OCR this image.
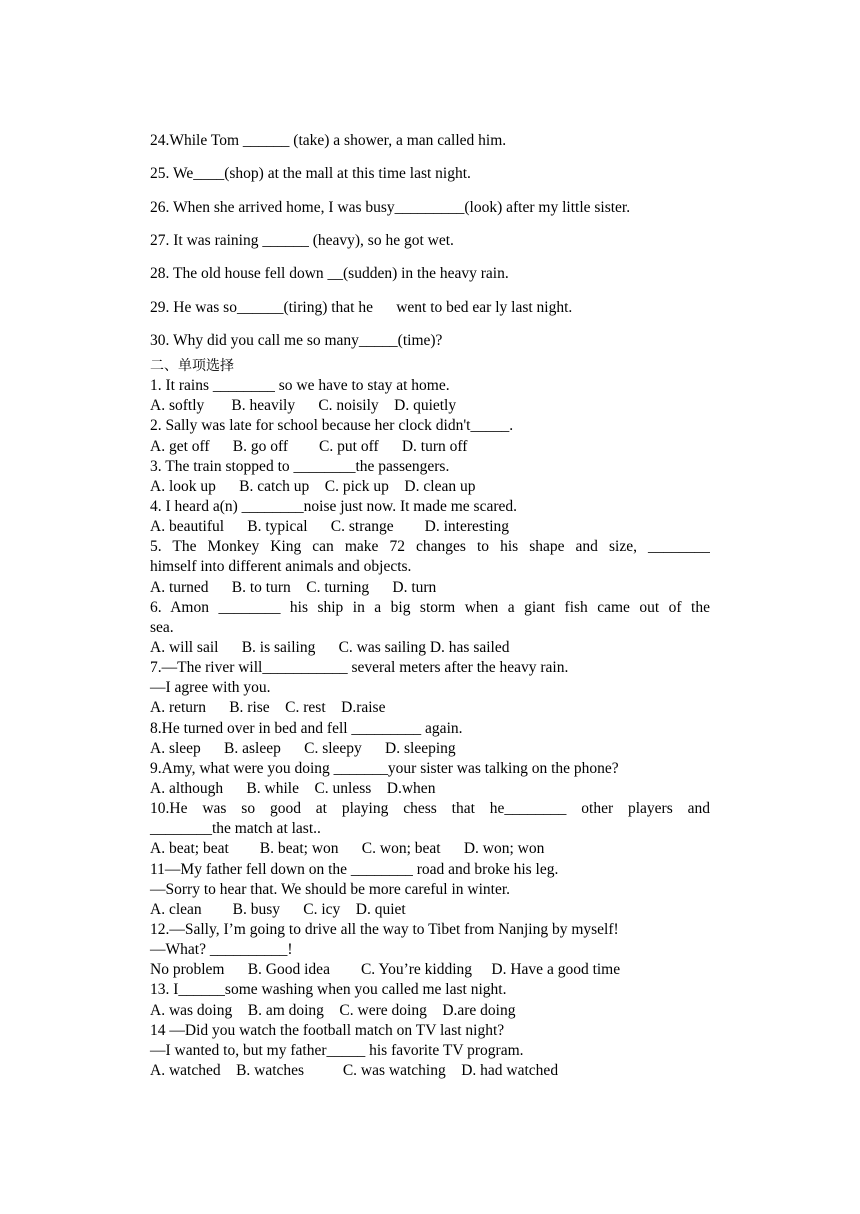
24.While Tom ______ (take) a shower, a man called him.
25. We____(shop) at the mall at this time last night.
26. When she arrived home, I was busy_________(look) after my little sister.
27. It was raining ______ (heavy), so he got wet.
28. The old house fell down __(sudden) in the heavy rain.
29. He was so______(tiring) that he      went to bed ear ly last night.
30. Why did you call me so many_____(time)?
二、单项选择
1. It rains ________ so we have to stay at home.
A. softly       B. heavily      C. noisily    D. quietly
2. Sally was late for school because her clock didn't_____.
A. get off      B. go off        C. put off      D. turn off
3. The train stopped to ________the passengers.
A. look up      B. catch up    C. pick up    D. clean up
4. I heard a(n) ________noise just now. It made me scared.
A. beautiful      B. typical      C. strange        D. interesting
5. The Monkey King can make 72 changes to his shape and size, ________
himself into different animals and objects.
A. turned      B. to turn    C. turning      D. turn
6. Amon ________ his ship in a big storm when a giant fish came out of the
sea.
A. will sail      B. is sailing      C. was sailing D. has sailed
7.—The river will___________ several meters after the heavy rain.
—I agree with you.
A. return      B. rise    C. rest    D.raise
8.He turned over in bed and fell _________ again.
A. sleep      B. asleep      C. sleepy      D. sleeping
9.Amy, what were you doing _______your sister was talking on the phone?
A. although      B. while    C. unless    D.when
10.He was so good at playing chess that he________ other players and
________the match at last..
A. beat; beat        B. beat; won      C. won; beat      D. won; won
11—My father fell down on the ________ road and broke his leg.
—Sorry to hear that. We should be more careful in winter.
A. clean        B. busy      C. icy    D. quiet
12.—Sally, I’m going to drive all the way to Tibet from Nanjing by myself!
—What? __________!
No problem      B. Good idea        C. You’re kidding     D. Have a good time
13. I______some washing when you called me last night.
A. was doing    B. am doing    C. were doing    D.are doing
14 —Did you watch the football match on TV last night?
—I wanted to, but my father_____ his favorite TV program.
A. watched    B. watches          C. was watching    D. had watched
